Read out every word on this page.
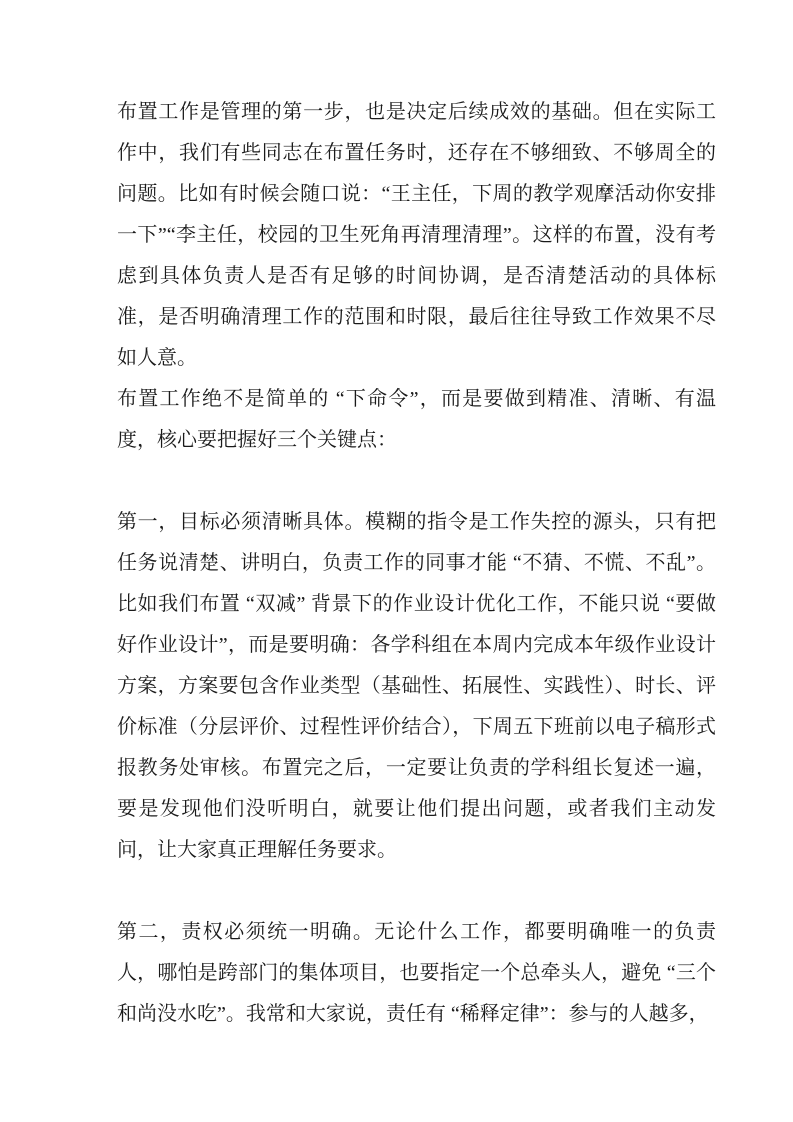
布置工作是管理的第一步，也是决定后续成效的基础。但在实际工作中，我们有些同志在布置任务时，还存在不够细致、不够周全的问题。比如有时候会随口说：“王主任，下周的教学观摩活动你安排一下”“李主任，校园的卫生死角再清理清理”。这样的布置，没有考虑到具体负责人是否有足够的时间协调，是否清楚活动的具体标准，是否明确清理工作的范围和时限，最后往往导致工作效果不尽如人意。

布置工作绝不是简单的 “下命令”，而是要做到精准、清晰、有温度，核心要把握好三个关键点：

第一，目标必须清晰具体。模糊的指令是工作失控的源头，只有把任务说清楚、讲明白，负责工作的同事才能 “不猜、不慌、不乱”。比如我们布置 “双减” 背景下的作业设计优化工作，不能只说 “要做好作业设计”，而是要明确：各学科组在本周内完成本年级作业设计方案，方案要包含作业类型（基础性、拓展性、实践性）、时长、评价标准（分层评价、过程性评价结合），下周五下班前以电子稿形式报教务处审核。布置完之后，一定要让负责的学科组长复述一遍，要是发现他们没听明白，就要让他们提出问题，或者我们主动发问，让大家真正理解任务要求。

第二，责权必须统一明确。无论什么工作，都要明确唯一的负责人，哪怕是跨部门的集体项目，也要指定一个总牵头人，避免 “三个和尚没水吃”。我常和大家说，责任有 “稀释定律”：参与的人越多，
